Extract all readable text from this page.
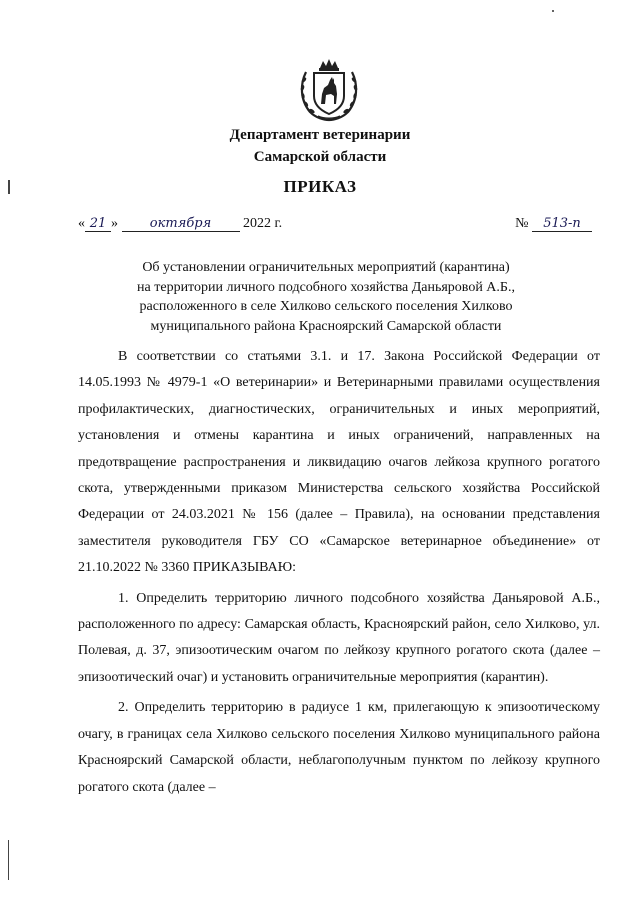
Департамент ветеринарии
Самарской области
ПРИКАЗ
« 21 » октября 2022 г.	№ 513-п
Об установлении ограничительных мероприятий (карантина)
на территории личного подсобного хозяйства Даньяровой А.Б.,
расположенного в селе Хилково сельского поселения Хилково
муниципального района Красноярский Самарской области

В соответствии со статьями 3.1. и 17. Закона Российской Федерации от 14.05.1993 № 4979-1 «О ветеринарии» и Ветеринарными правилами осуществления профилактических, диагностических, ограничительных и иных мероприятий, установления и отмены карантина и иных ограничений, направленных на предотвращение распространения и ликвидацию очагов лейкоза крупного рогатого скота, утвержденными приказом Министерства сельского хозяйства Российской Федерации от 24.03.2021 № 156 (далее – Правила), на основании представления заместителя руководителя ГБУ СО «Самарское ветеринарное объединение» от 21.10.2022 № 3360 ПРИКАЗЫВАЮ:

1. Определить территорию личного подсобного хозяйства Даньяровой А.Б., расположенного по адресу: Самарская область, Красноярский район, село Хилково, ул. Полевая, д. 37, эпизоотическим очагом по лейкозу крупного рогатого скота (далее – эпизоотический очаг) и установить ограничительные мероприятия (карантин).

2. Определить территорию в радиусе 1 км, прилегающую к эпизоотическому очагу, в границах села Хилково сельского поселения Хилково муниципального района Красноярский Самарской области, неблагополучным пунктом по лейкозу крупного рогатого скота (далее –
